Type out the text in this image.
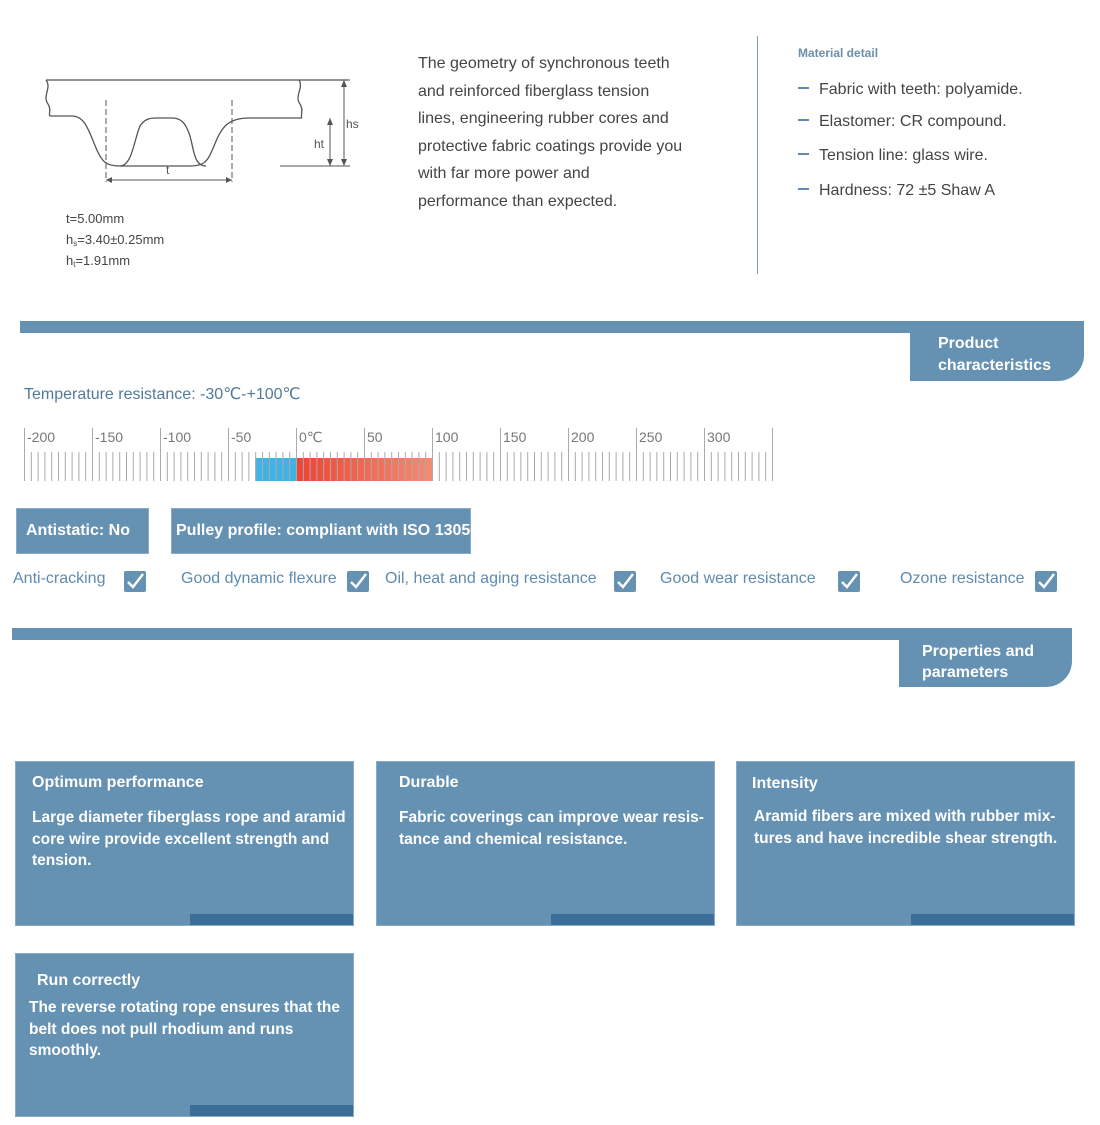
t
hs
ht
t=5.00mm
$h_s=3.40\pm 0.25mm$
$h_t=1.91mm$
The geometry of synchronous teeth
and reinforced fiberglass tension
lines, engineering rubber cores and
protective fabric coatings provide you
with far more power and
performance than expected.
Material detail
Fabric with teeth: polyamide.
Elastomer: CR compound.
Tension line: glass wire.
Hardness: 72 ±5 Shaw A
Product
characteristics
Temperature resistance: -30℃-+100℃
-200	-150	-100	-50	0℃	50	100	150	200	250	300
Antistatic: No	Pulley profile: compliant with ISO 13050
Anti-cracking	Good dynamic flexure	Oil, heat and aging resistance	Good wear resistance	Ozone resistance
Properties and
parameters
Optimum performance
Large diameter fiberglass rope and aramid
core wire provide excellent strength and
tension.
Durable
Fabric coverings can improve wear resis-
tance and chemical resistance.
Intensity
Aramid fibers are mixed with rubber mix-
tures and have incredible shear strength.
Run correctly
The reverse rotating rope ensures that the
belt does not pull rhodium and runs
smoothly.
